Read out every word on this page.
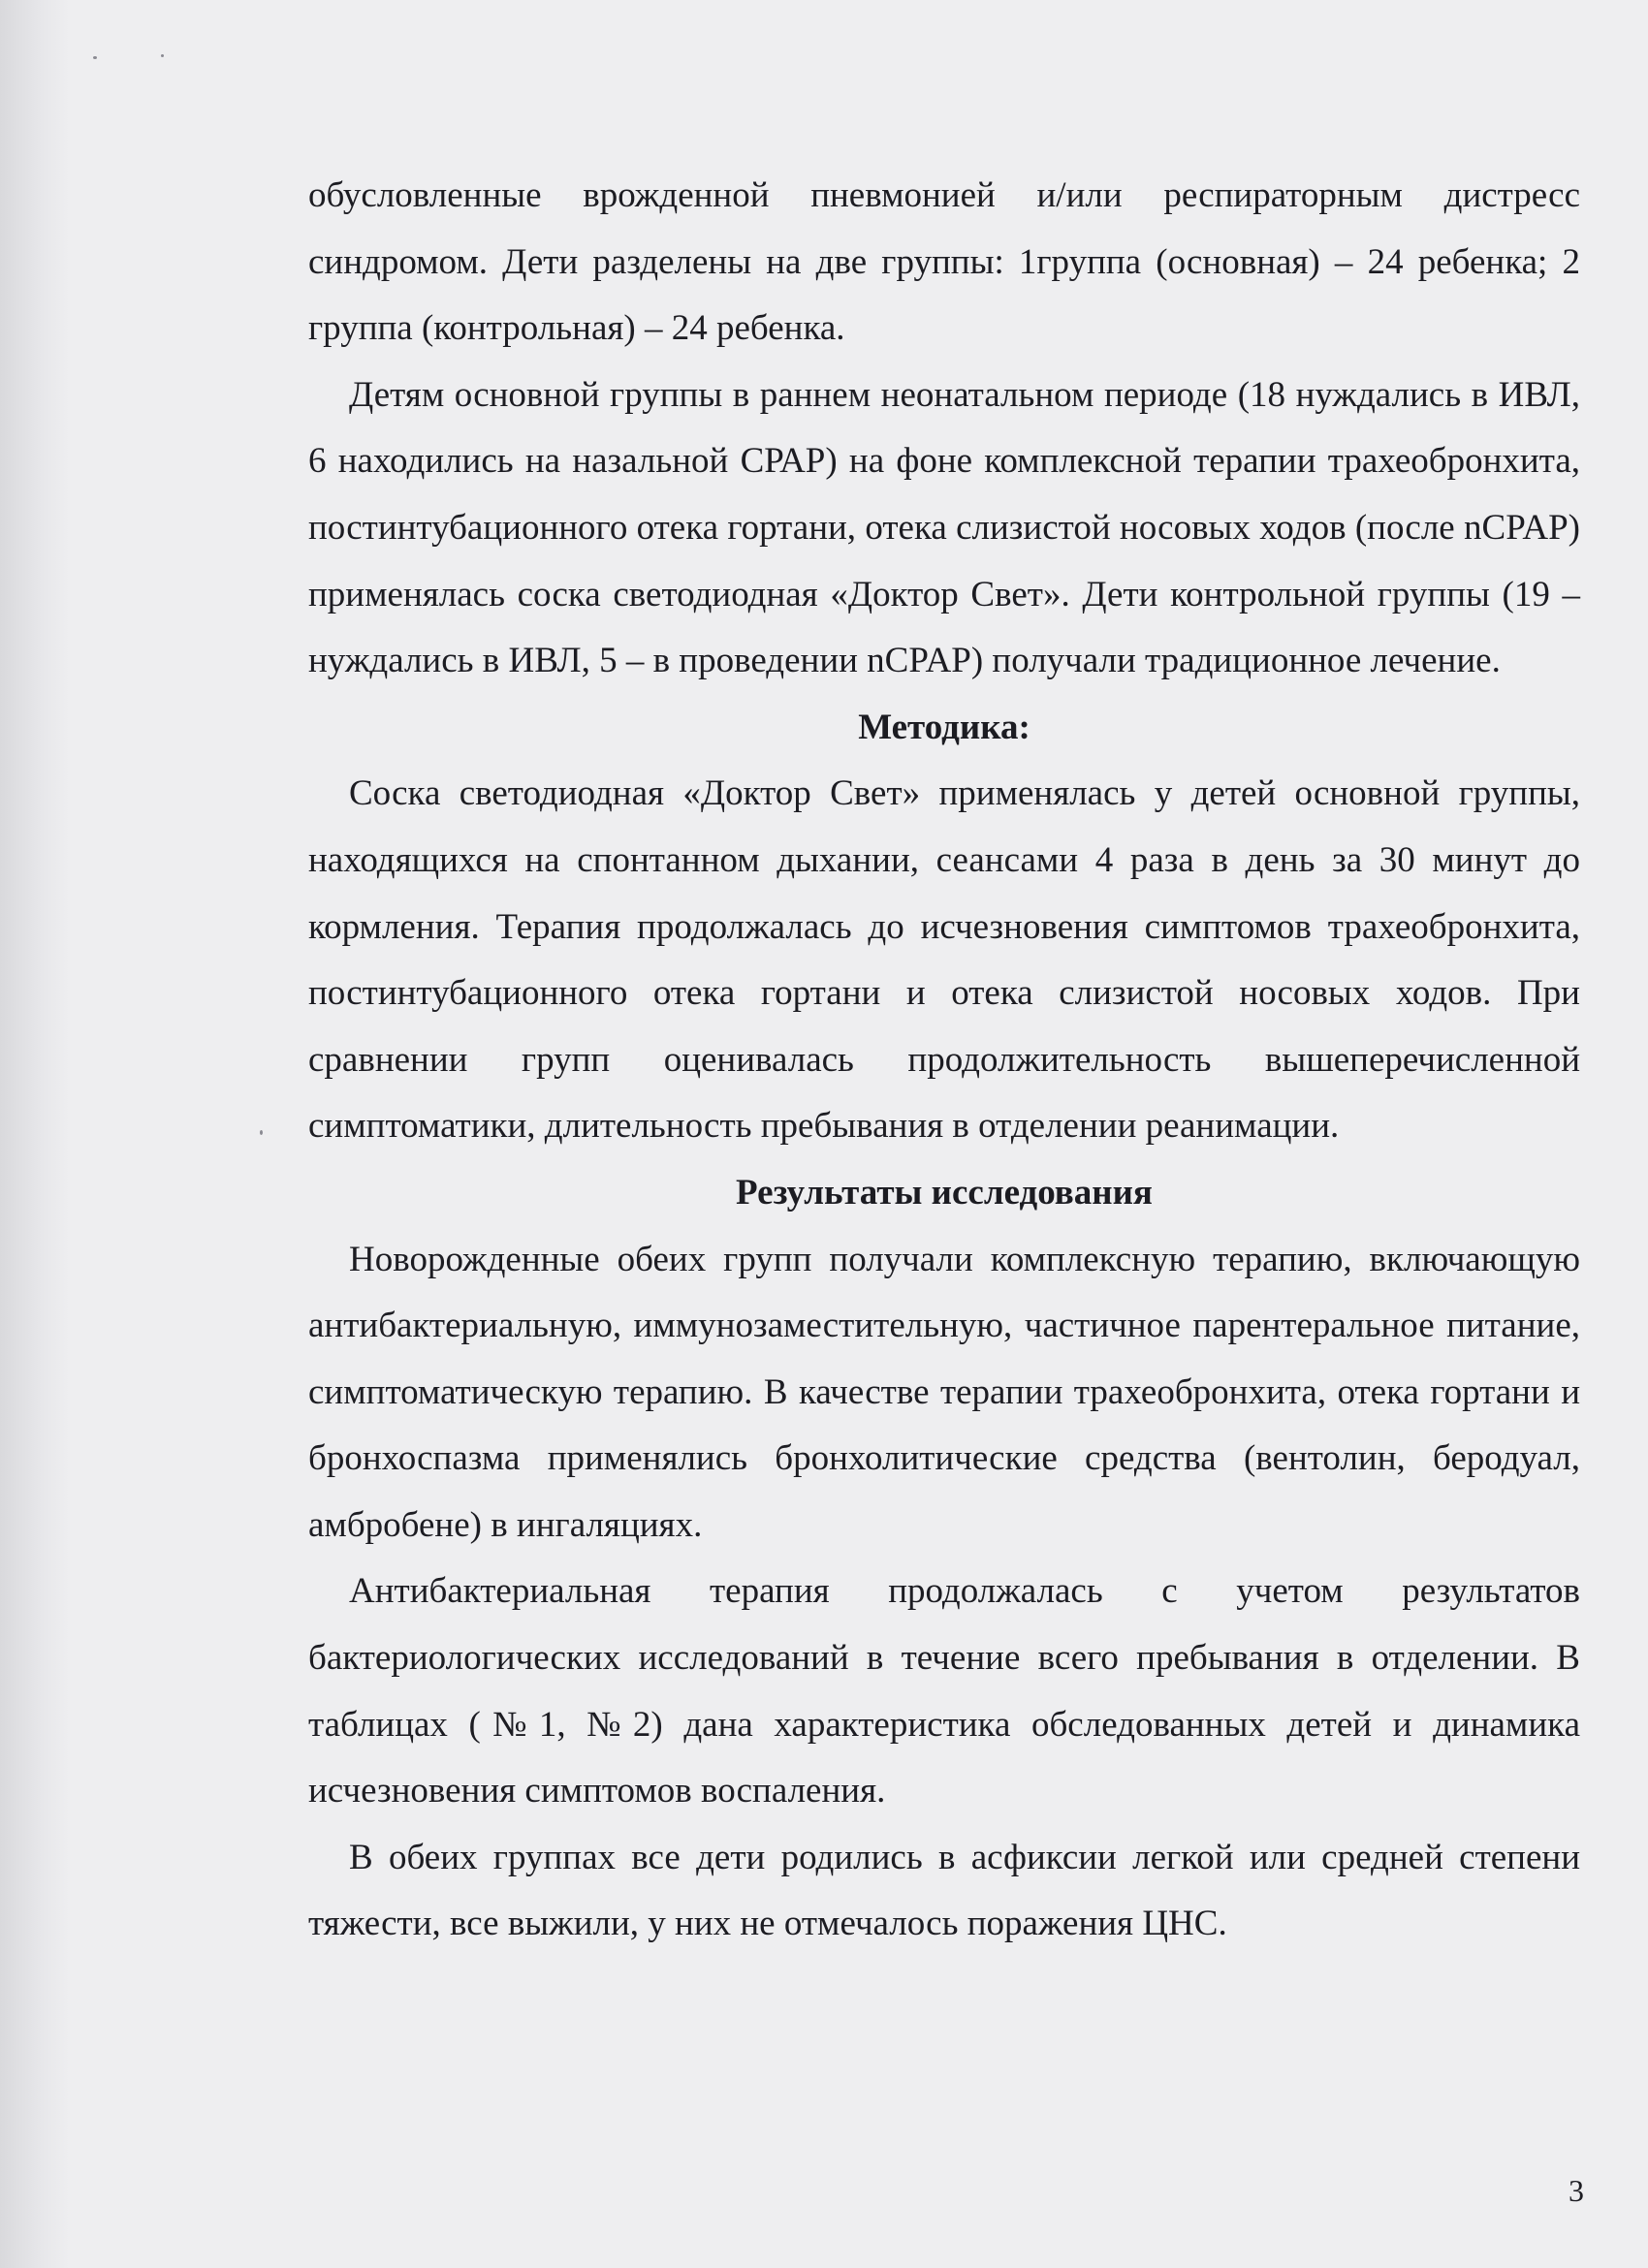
обусловленные врожденной пневмонией и/или респираторным дистресс синдромом. Дети разделены на две группы: 1группа (основная) – 24 ребенка; 2 группа (контрольная) – 24 ребенка.

Детям основной группы в раннем неонатальном периоде (18 нуждались в ИВЛ, 6 находились на назальной СРАР) на фоне комплексной терапии трахеобронхита, постинтубационного отека гортани, отека слизистой носовых ходов (после nCPAP) применялась соска светодиодная «Доктор Свет». Дети контрольной группы (19 – нуждались в ИВЛ, 5 – в проведении nCPAP) получали традиционное лечение.

Методика:

Соска светодиодная «Доктор Свет» применялась у детей основной группы, находящихся на спонтанном дыхании, сеансами 4 раза в день за 30 минут до кормления. Терапия продолжалась до исчезновения симптомов трахеобронхита, постинтубационного отека гортани и отека слизистой носовых ходов. При сравнении групп оценивалась продолжительность вышеперечисленной симптоматики, длительность пребывания в отделении реанимации.

Результаты исследования

Новорожденные обеих групп получали комплексную терапию, включающую антибактериальную, иммунозаместительную, частичное парентеральное питание, симптоматическую терапию. В качестве терапии трахеобронхита, отека гортани и бронхоспазма применялись бронхолитические средства (вентолин, беродуал, амбробене) в ингаляциях.

Антибактериальная терапия продолжалась с учетом результатов бактериологических исследований в течение всего пребывания в отделении. В таблицах (№1, №2) дана характеристика обследованных детей и динамика исчезновения симптомов воспаления.

В обеих группах все дети родились в асфиксии легкой или средней степени тяжести, все выжили, у них не отмечалось поражения ЦНС.

3
